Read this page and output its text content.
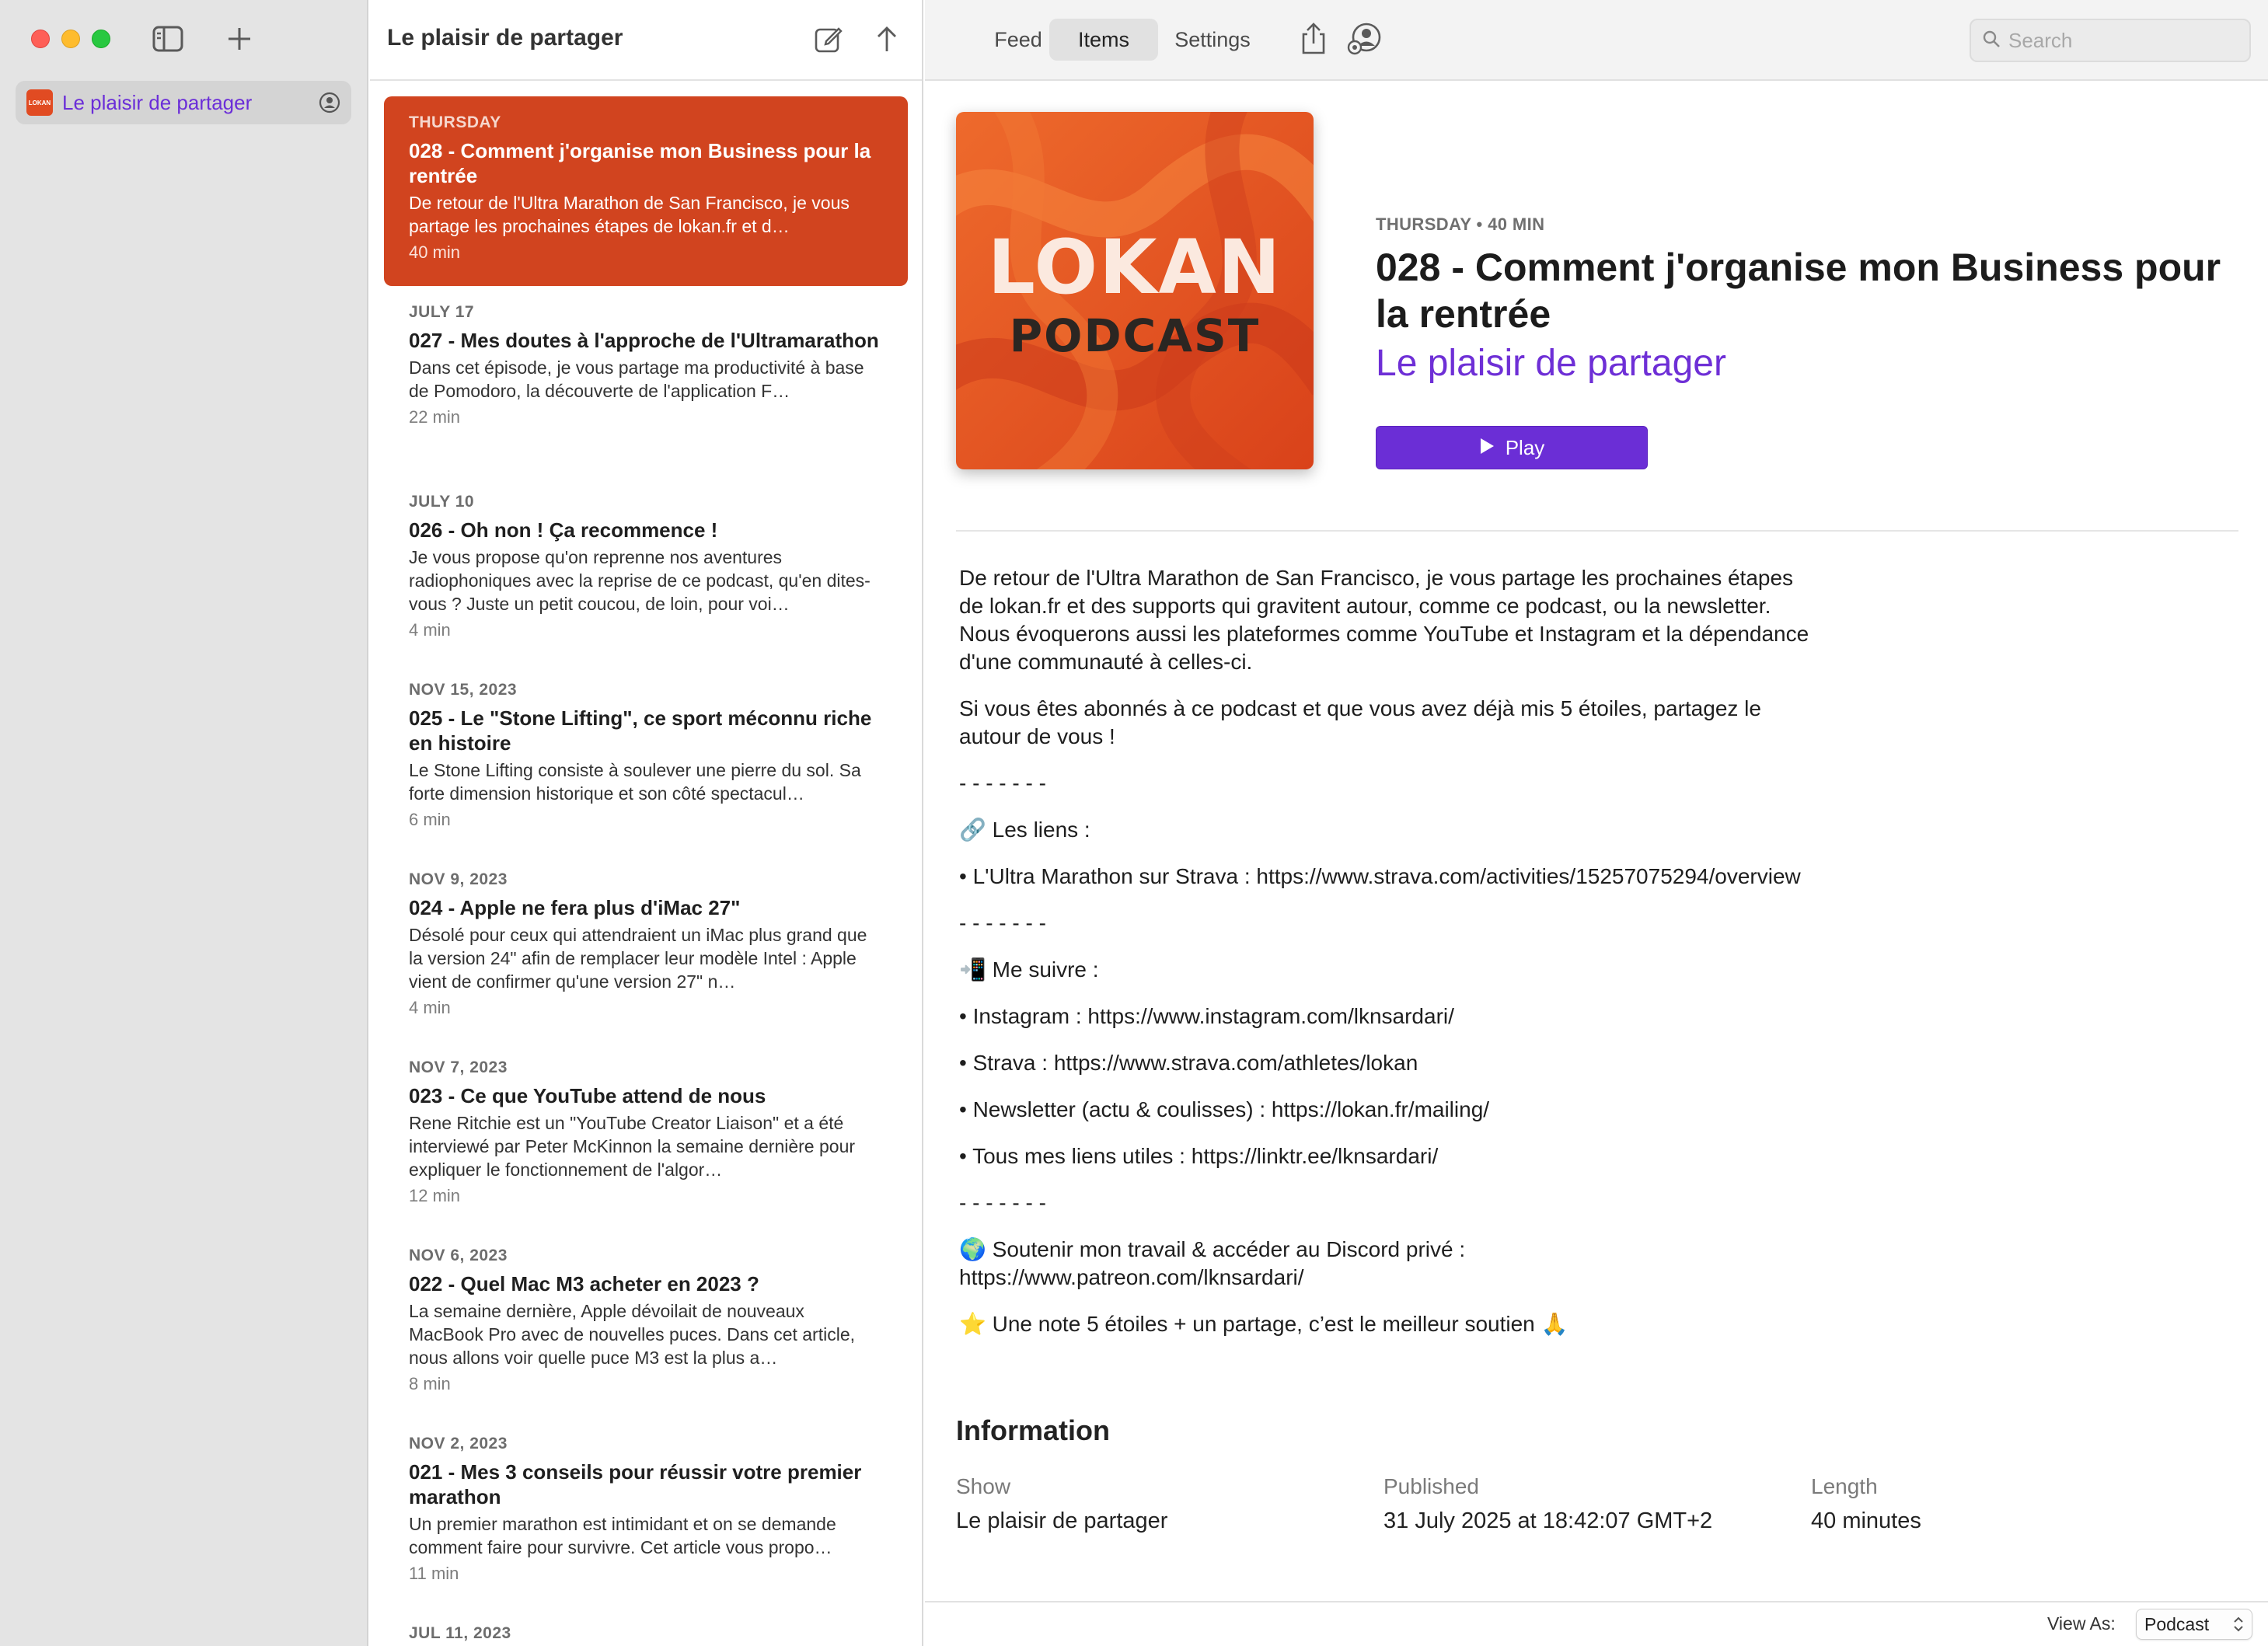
LOKAN Le plaisir de partager
Le plaisir de partager
THURSDAY
028 - Comment j'organise mon Business pour la rentrée
De retour de l'Ultra Marathon de San Francisco, je vous partage les prochaines étapes de lokan.fr et d…
40 min
JULY 17
027 - Mes doutes à l'approche de l'Ultramarathon
Dans cet épisode, je vous partage ma productivité à base de Pomodoro, la découverte de l'application F…
22 min
JULY 10
026 - Oh non ! Ça recommence !
Je vous propose qu'on reprenne nos aventures radiophoniques avec la reprise de ce podcast, qu'en dites-vous ? Juste un petit coucou, de loin, pour voi…
4 min
NOV 15, 2023
025 - Le "Stone Lifting", ce sport méconnu riche en histoire
Le Stone Lifting consiste à soulever une pierre du sol. Sa forte dimension historique et son côté spectacul…
6 min
NOV 9, 2023
024 - Apple ne fera plus d'iMac 27"
Désolé pour ceux qui attendraient un iMac plus grand que la version 24" afin de remplacer leur modèle Intel : Apple vient de confirmer qu'une version 27" n…
4 min
NOV 7, 2023
023 - Ce que YouTube attend de nous
Rene Ritchie est un "YouTube Creator Liaison" et a été interviewé par Peter McKinnon la semaine dernière pour expliquer le fonctionnement de l'algor…
12 min
NOV 6, 2023
022 - Quel Mac M3 acheter en 2023 ?
La semaine dernière, Apple dévoilait de nouveaux MacBook Pro avec de nouvelles puces. Dans cet article, nous allons voir quelle puce M3 est la plus a…
8 min
NOV 2, 2023
021 - Mes 3 conseils pour réussir votre premier marathon
Un premier marathon est intimidant et on se demande comment faire pour survivre. Cet article vous propo…
11 min
JUL 11, 2023
Feed	Items	Settings
Search
LOKAN
PODCAST
THURSDAY • 40 MIN
028 - Comment j'organise mon Business pour la rentrée
Le plaisir de partager
Play

De retour de l'Ultra Marathon de San Francisco, je vous partage les prochaines étapes de lokan.fr et des supports qui gravitent autour, comme ce podcast, ou la newsletter. Nous évoquerons aussi les plateformes comme YouTube et Instagram et la dépendance d'une communauté à celles-ci.

Si vous êtes abonnés à ce podcast et que vous avez déjà mis 5 étoiles, partagez le autour de vous !

- - - - - - -

🔗 Les liens :

• L'Ultra Marathon sur Strava : https://www.strava.com/activities/15257075294/overview

- - - - - - -

📲 Me suivre :

• Instagram : https://www.instagram.com/lknsardari/

• Strava : https://www.strava.com/athletes/lokan

• Newsletter (actu & coulisses) : https://lokan.fr/mailing/

• Tous mes liens utiles : https://linktr.ee/lknsardari/

- - - - - - -

🌍 Soutenir mon travail & accéder au Discord privé : https://www.patreon.com/lknsardari/

⭐ Une note 5 étoiles + un partage, c’est le meilleur soutien 🙏

Information
Show
Le plaisir de partager
Published
31 July 2025 at 18:42:07 GMT+2
Length
40 minutes
View As: Podcast
